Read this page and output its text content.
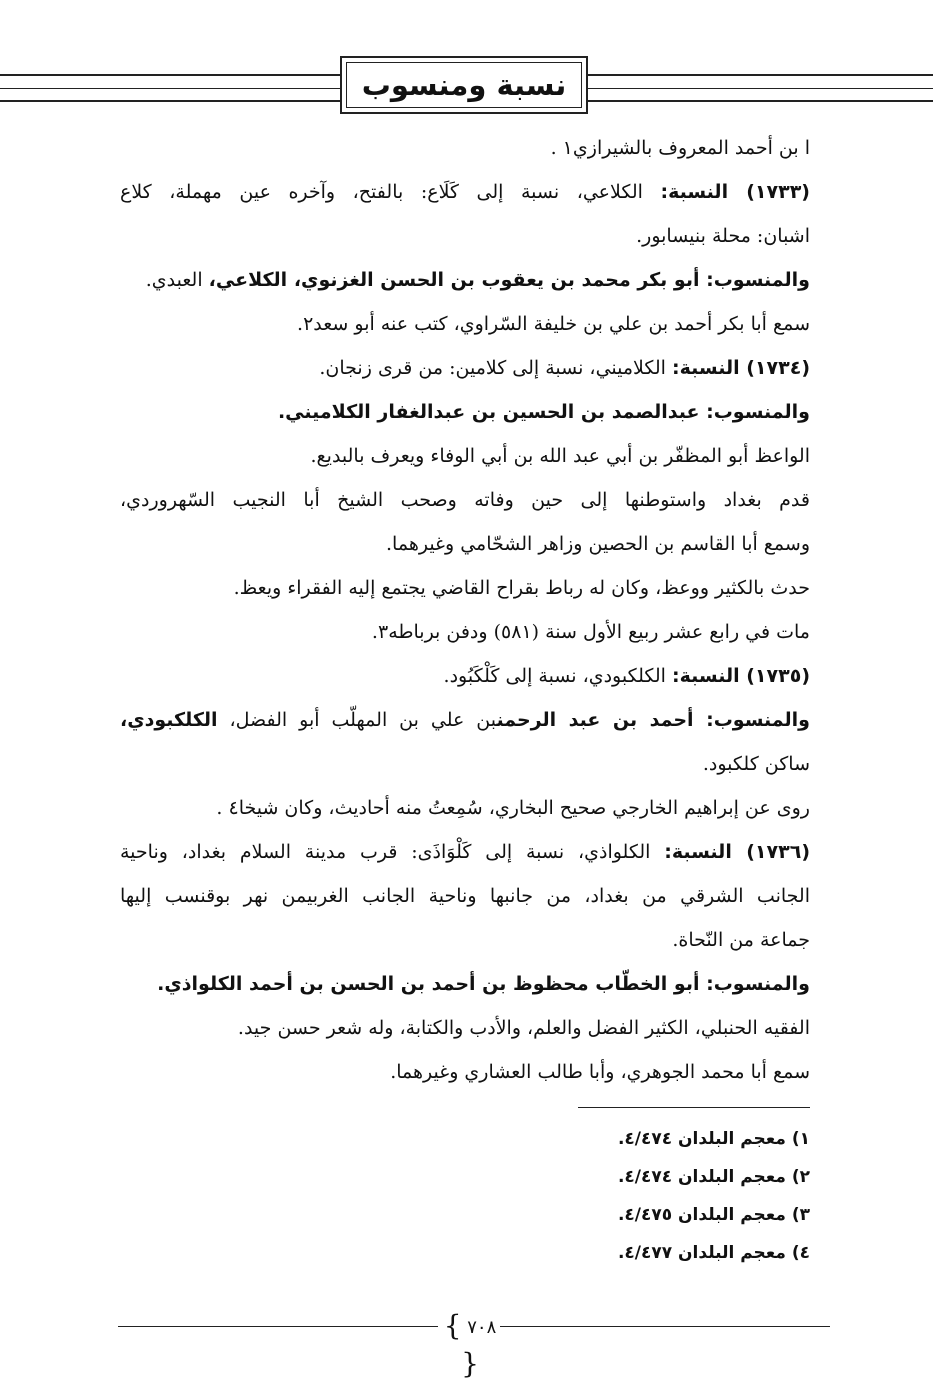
نسبة ومنسوب

ا بن أحمد المعروف بالشيرازي١ .

(١٧٣٣) النسبة: الكلاعي، نسبة إلى كَلَاع: بالفتح، وآخره عين مهملة، كلاع

اشبان: محلة بنيسابور.

والمنسوب: أبو بكر محمد بن يعقوب بن الحسن الغزنوي، الكلاعي، العبدي.

سمع أبا بكر أحمد بن علي بن خليفة السّراوي، كتب عنه أبو سعد٢.

(١٧٣٤) النسبة: الكلاميني، نسبة إلى كلامين: من قرى زنجان.

والمنسوب: عبدالصمد بن الحسين بن عبدالغفار الكلاميني.

الواعظ أبو المظفّر بن أبي عبد الله بن أبي الوفاء ويعرف بالبديع.

قدم بغداد واستوطنها إلى حين وفاته وصحب الشيخ أبا النجيب السّهروردي،

وسمع أبا القاسم بن الحصين وزاهر الشحّامي وغيرهما.

حدث بالكثير ووعظ، وكان له رباط بقراح القاضي يجتمع إليه الفقراء ويعظ.

مات في رابع عشر ربيع الأول سنة (٥٨١) ودفن برباطه٣.

(١٧٣٥) النسبة: الكلكبودي، نسبة إلى كَلْكَبُود.

والمنسوب: أحمد بن عبد الرحمنبن علي بن المهلّب أبو الفضل، الكلكبودي،

ساكن كلكبود.

روى عن إبراهيم الخارجي صحيح البخاري، سُمِعتُ منه أحاديث، وكان شيخا٤ .

(١٧٣٦) النسبة: الكلواذي، نسبة إلى كَلْوَاذَى: قرب مدينة السلام بغداد، وناحية

الجانب الشرقي من بغداد، من جانبها وناحية الجانب الغربيمن نهر بوقنسب إليها

جماعة من النّحاة.

والمنسوب: أبو الخطّاب محظوظ بن أحمد بن الحسن بن أحمد الكلواذي.

الفقيه الحنبلي، الكثير الفضل والعلم، والأدب والكتابة، وله شعر حسن جيد.

سمع أبا محمد الجوهري، وأبا طالب العشاري وغيرهما.

١) معجم البلدان ٤/٤٧٤.

٢) معجم البلدان ٤/٤٧٤.

٣) معجم البلدان ٤/٤٧٥.

٤) معجم البلدان ٤/٤٧٧.

{ ٧٠٨ }
